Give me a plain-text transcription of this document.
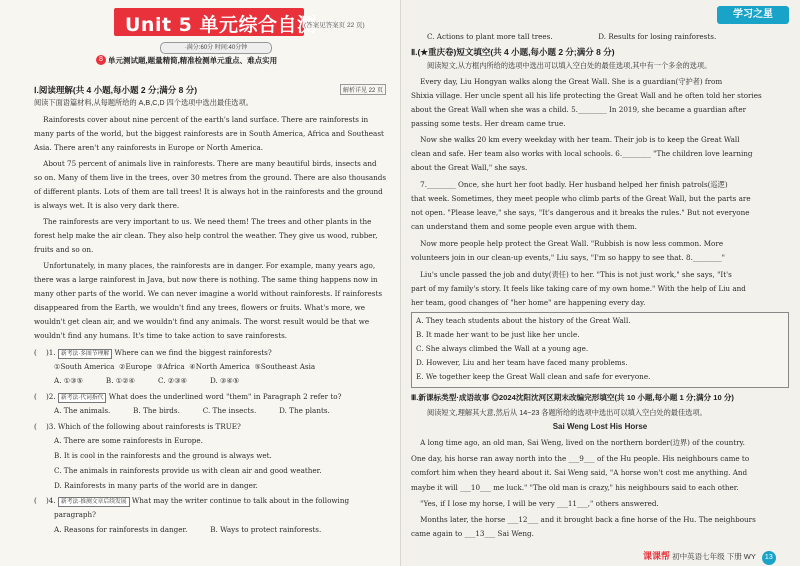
Unit 5 单元综合自测
(答案见答案页 22 页)
·满分:60分 时间:40分钟
8 单元测试题,题量精简,精准检测单元重点、难点实用
Ⅰ.阅读理解(共 4 小题,每小题 2 分;满分 8 分)	解析详见 22 页
阅读下面语篇材料,从每题所给的 A,B,C,D 四个选项中选出最佳选项。
Rainforests cover about nine percent of the earth's land surface. There are rainforests in
many parts of the world, but the biggest rainforests are in South America, Africa and Southeast
Asia. There aren't any rainforests in Europe or North America.
About 75 percent of animals live in rainforests. There are many beautiful birds, insects and
so on. Many of them live in the trees, over 30 metres from the ground. There are also thousands
of different plants. Lots of them are tall trees! It is always hot in the rainforests and the ground
is always wet. It is also very dark there.
The rainforests are very important to us. We need them! The trees and other plants in the
forest help make the air clean. They also help control the weather. They give us wood, rubber,
fruits and so on.
Unfortunately, in many places, the rainforests are in danger. For example, many years ago,
there was a large rainforest in Java, but now there is nothing. The same thing happens now in
many other parts of the world. We can never imagine a world without rainforests. If rainforests
disappeared from the Earth, we wouldn't find any trees, flowers or fruits. What's more, we
wouldn't get clean air, and we wouldn't find any animals. The worst result would be that we
wouldn't find any humans. It's time to take action to save rainforests.
(    )1. 新考法·多图节理解 Where can we find the biggest rainforests?
①South America  ②Europe  ③Africa  ④North America  ⑤Southeast Asia
A. ①③⑤          B. ①②④          C. ②③④          D. ③④⑤
(    )2. 新考法·代词指代 What does the underlined word "them" in Paragraph 2 refer to?
A. The animals.          B. The birds.          C. The insects.          D. The plants.
(    )3. Which of the following about rainforests is TRUE?
A. There are some rainforests in Europe.
B. It is cool in the rainforests and the ground is always wet.
C. The animals in rainforests provide us with clean air and good weather.
D. Rainforests in many parts of the world are in danger.
(    )4. 新考法·推测文章后续发展 What may the writer continue to talk about in the following
paragraph?
A. Reasons for rainforests in danger.          B. Ways to protect rainforests.
学习之星
C. Actions to plant more tall trees.                    D. Results for losing rainforests.
Ⅱ.(★重庆卷)短文填空(共 4 小题,每小题 2 分;满分 8 分)
阅读短文,从方框内所给的选项中选出可以填入空白处的最佳选项,其中有一个多余的选项。
Every day, Liu Hongyan walks along the Great Wall. She is a guardian(守护者) from
Shixia village. Her uncle spent all his life protecting the Great Wall and he often told her stories
about the Great Wall when she was a child. 5.________ In 2019, she became a guardian after
passing some tests. Her dream came true.
Now she walks 20 km every weekday with her team. Their job is to keep the Great Wall
clean and safe. Her team also works with local schools. 6.________ "The children love learning
about the Great Wall," she says.
7.________ Once, she hurt her foot badly. Her husband helped her finish patrols(巡逻)
that week. Sometimes, they meet people who climb parts of the Great Wall, but the parts are
not open. "Please leave," she says, "It's dangerous and it breaks the rules." But not everyone
can understand them and some people even argue with them.
Now more people help protect the Great Wall. "Rubbish is now less common. More
volunteers join in our clean-up events," Liu says, "I'm so happy to see that. 8.________"
Liu's uncle passed the job and duty(责任) to her. "This is not just work," she says, "It's
part of my family's story. It feels like taking care of my own home." With the help of Liu and
her team, good changes of "her home" are happening every day.
A. They teach students about the history of the Great Wall.
B. It made her want to be just like her uncle.
C. She always climbed the Wall at a young age.
D. However, Liu and her team have faced many problems.
E. We together keep the Great Wall clean and safe for everyone.
Ⅲ.新课标类型·成语故事 ◎2024沈阳沈河区期末改编完形填空(共 10 小题,每小题 1 分;满分 10 分)
阅读短文,理解其大意,然后从 14~23 各题所给的选项中选出可以填入空白处的最佳选项。
Sai Weng Lost His Horse
A long time ago, an old man, Sai Weng, lived on the northern border(边界) of the country.
One day, his horse ran away north into the ___9___ of the Hu people. His neighbours came to
comfort him when they heard about it. Sai Weng said, "A horse won't cost me anything. And
maybe it will ___10___ me luck." "The old man is crazy," his neighbours said to each other.
"Yes, if I lose my horse, I will be very ___11___," others answered.
Months later, the horse ___12___ and it brought back a fine horse of the Hu. The neighbours
came again to ___13___ Sai Weng.
课课帮 初中英语七年级 下册 WY 13
